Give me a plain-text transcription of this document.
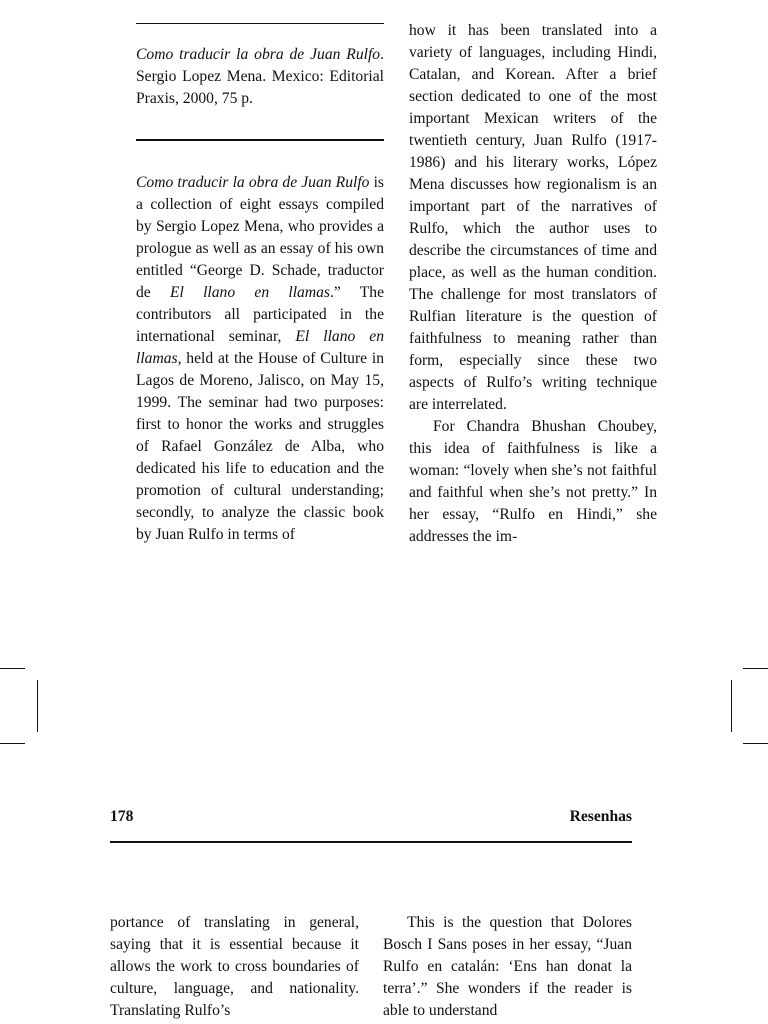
Como traducir la obra de Juan Rulfo. Sergio Lopez Mena. Mexico: Editorial Praxis, 2000, 75 p.

Como traducir la obra de Juan Rulfo is a collection of eight essays compiled by Sergio Lopez Mena, who provides a prologue as well as an essay of his own entitled “George D. Schade, traductor de El llano en llamas.” The contributors all participated in the international seminar, El llano en llamas, held at the House of Culture in Lagos de Moreno, Jalisco, on May 15, 1999. The seminar had two purposes: first to honor the works and struggles of Rafael González de Alba, who dedicated his life to education and the promotion of cultural understanding; secondly, to analyze the classic book by Juan Rulfo in terms of

how it has been translated into a variety of languages, including Hindi, Catalan, and Korean. After a brief section dedicated to one of the most important Mexican writers of the twentieth century, Juan Rulfo (1917-1986) and his literary works, López Mena discusses how regionalism is an important part of the narratives of Rulfo, which the author uses to describe the circumstances of time and place, as well as the human condition. The challenge for most translators of Rulfian literature is the question of faithfulness to meaning rather than form, especially since these two aspects of Rulfo’s writing technique are interrelated.

For Chandra Bhushan Choubey, this idea of faithfulness is like a woman: “lovely when she’s not faithful and faithful when she’s not pretty.” In her essay, “Rulfo en Hindi,” she addresses the im-

178	Resenhas

portance of translating in general, saying that it is essential because it allows the work to cross boundaries of culture, language, and nationality. Translating Rulfo’s

This is the question that Dolores Bosch I Sans poses in her essay, “Juan Rulfo en catalán: ‘Ens han donat la terra’.” She wonders if the reader is able to understand
